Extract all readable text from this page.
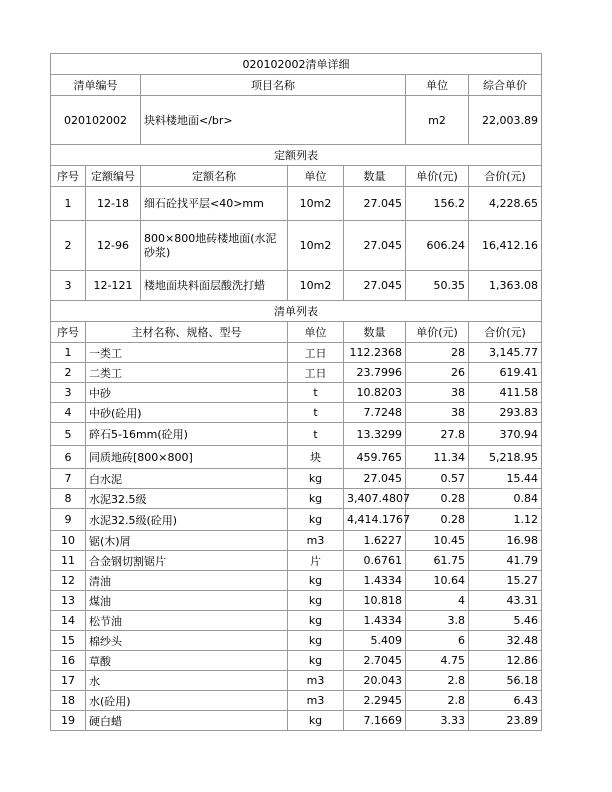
020102002清单详细						
清单编号		项目名称			单位	综合单价
020102002		块料楼地面</br>			m2	22,003.89
定额列表						
序号	定额编号	定额名称	单位	数量	单价(元)	合价(元)
1	12-18	细石砼找平层<40>mm	10m2	27.045	156.2	4,228.65
2	12-96	800×800地砖楼地面(水泥砂浆)	10m2	27.045	606.24	16,412.16
3	12-121	楼地面块料面层酸洗打蜡	10m2	27.045	50.35	1,363.08
清单列表						
序号	主材名称、规格、型号		单位	数量	单价(元)	合价(元)
1	一类工		工日	112.2368	28	3,145.77
2	二类工		工日	23.7996	26	619.41
3	中砂		t	10.8203	38	411.58
4	中砂(砼用)		t	7.7248	38	293.83
5	碎石5-16mm(砼用)		t	13.3299	27.8	370.94
6	同质地砖[800×800]		块	459.765	11.34	5,218.95
7	白水泥		kg	27.045	0.57	15.44
8	水泥32.5级		kg	3,407.4807	0.28	0.84
9	水泥32.5级(砼用)		kg	4,414.1767	0.28	1.12
10	锯(木)屑		m3	1.6227	10.45	16.98
11	合金钢切割锯片		片	0.6761	61.75	41.79
12	清油		kg	1.4334	10.64	15.27
13	煤油		kg	10.818	4	43.31
14	松节油		kg	1.4334	3.8	5.46
15	棉纱头		kg	5.409	6	32.48
16	草酸		kg	2.7045	4.75	12.86
17	水		m3	20.043	2.8	56.18
18	水(砼用)		m3	2.2945	2.8	6.43
19	硬白蜡		kg	7.1669	3.33	23.89
